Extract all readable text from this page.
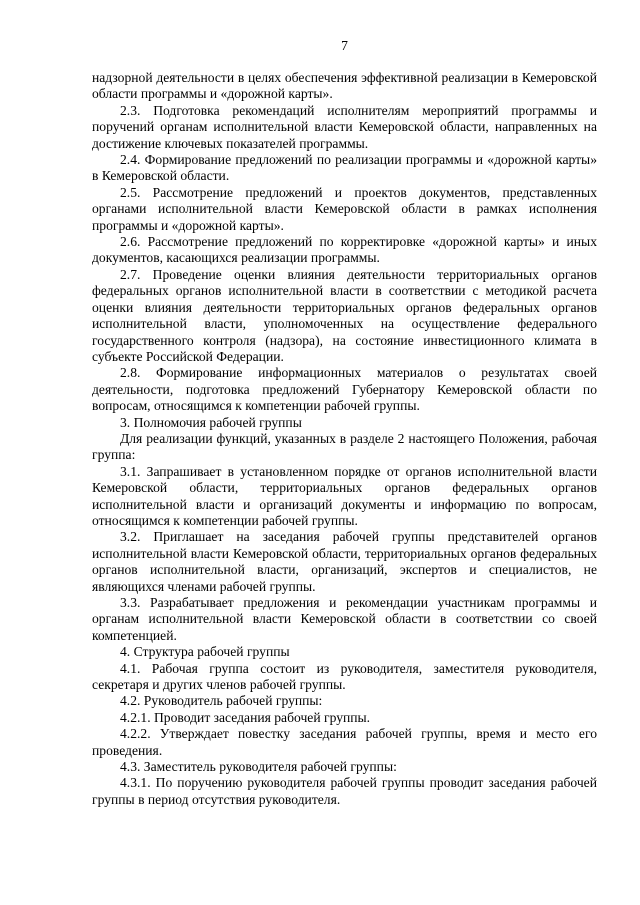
7

надзорной деятельности в целях обеспечения эффективной реализации в Кемеровской области программы и «дорожной карты».

2.3. Подготовка рекомендаций исполнителям мероприятий программы и поручений органам исполнительной власти Кемеровской области, направленных на достижение ключевых показателей программы.

2.4. Формирование предложений по реализации программы и «дорожной карты» в Кемеровской области.

2.5. Рассмотрение предложений и проектов документов, представленных органами исполнительной власти Кемеровской области в рамках исполнения программы и «дорожной карты».

2.6. Рассмотрение предложений по корректировке «дорожной карты» и иных документов, касающихся реализации программы.

2.7. Проведение оценки влияния деятельности территориальных органов федеральных органов исполнительной власти в соответствии с методикой расчета оценки влияния деятельности территориальных органов федеральных органов исполнительной власти, уполномоченных на осуществление федерального государственного контроля (надзора), на состояние инвестиционного климата в субъекте Российской Федерации.

2.8. Формирование информационных материалов о результатах своей деятельности, подготовка предложений Губернатору Кемеровской области по вопросам, относящимся к компетенции рабочей группы.

3. Полномочия рабочей группы

Для реализации функций, указанных в разделе 2 настоящего Положения, рабочая группа:

3.1. Запрашивает в установленном порядке от органов исполнительной власти Кемеровской области, территориальных органов федеральных органов исполнительной власти и организаций документы и информацию по вопросам, относящимся к компетенции рабочей группы.

3.2. Приглашает на заседания рабочей группы представителей органов исполнительной власти Кемеровской области, территориальных органов федеральных органов исполнительной власти, организаций, экспертов и специалистов, не являющихся членами рабочей группы.

3.3. Разрабатывает предложения и рекомендации участникам программы и органам исполнительной власти Кемеровской области в соответствии со своей компетенцией.

4. Структура рабочей группы

4.1. Рабочая группа состоит из руководителя, заместителя руководителя, секретаря и других членов рабочей группы.

4.2. Руководитель рабочей группы:

4.2.1. Проводит заседания рабочей группы.

4.2.2. Утверждает повестку заседания рабочей группы, время и место его проведения.

4.3. Заместитель руководителя рабочей группы:

4.3.1. По поручению руководителя рабочей группы проводит заседания рабочей группы в период отсутствия руководителя.
